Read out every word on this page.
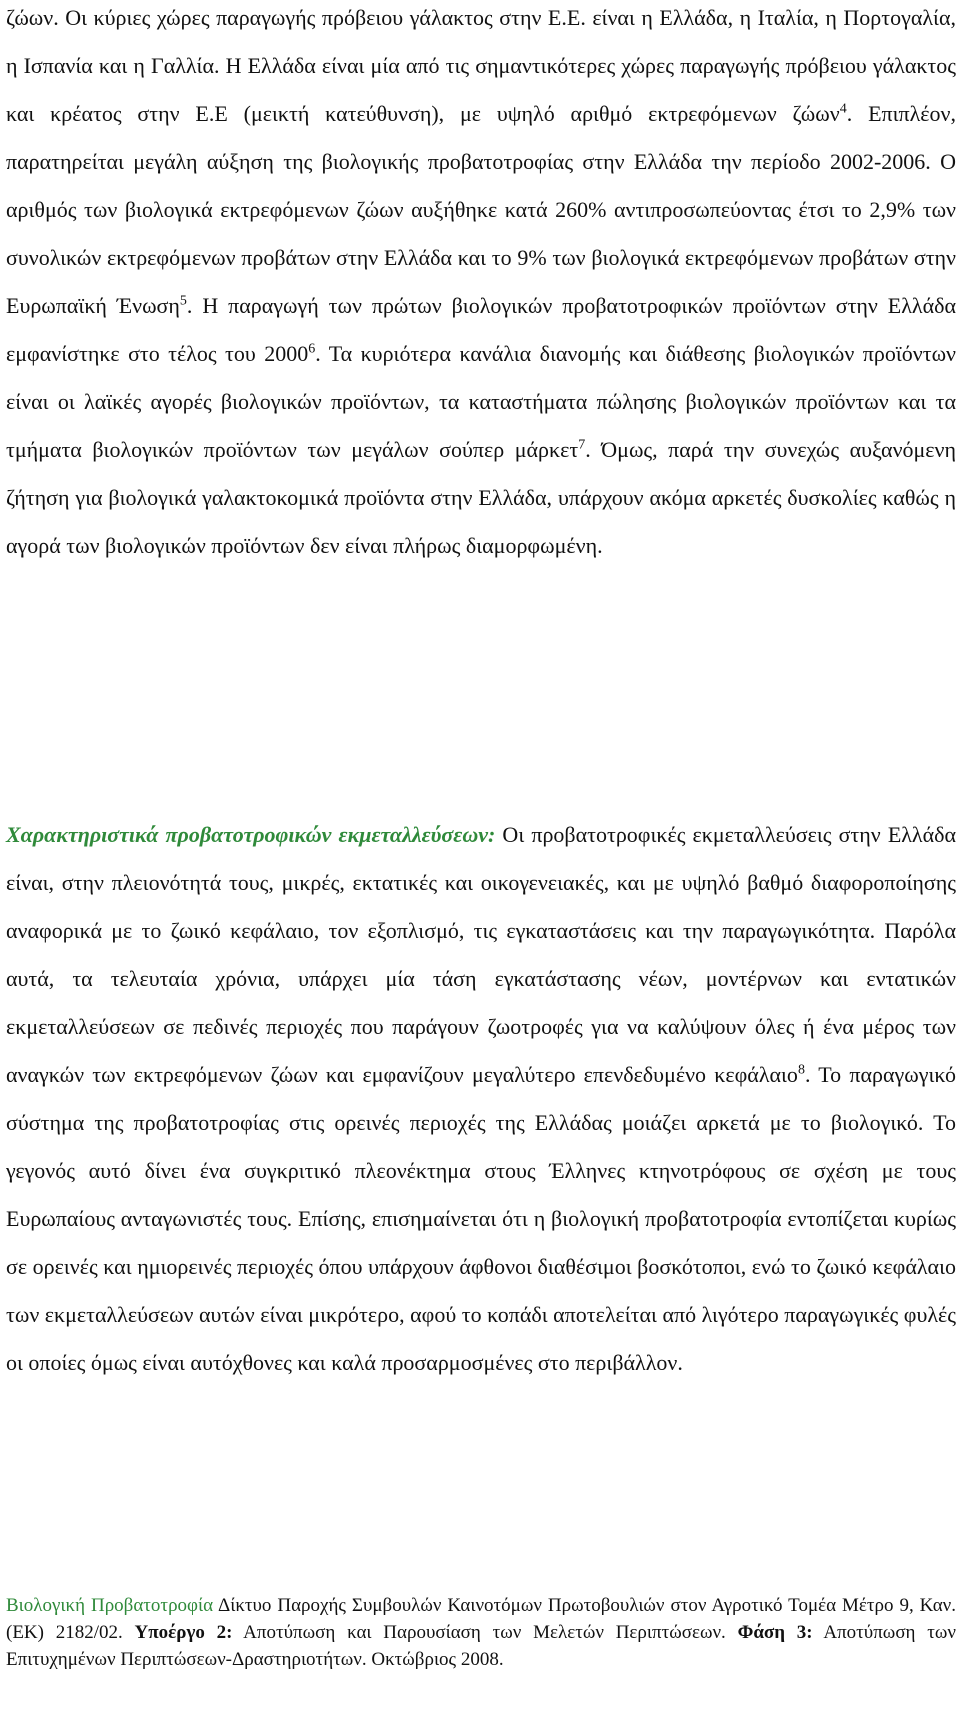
ζώων. Οι κύριες χώρες παραγωγής πρόβειου γάλακτος στην Ε.Ε. είναι η Ελλάδα, η Ιταλία, η Πορτογαλία, η Ισπανία και η Γαλλία. Η Ελλάδα είναι μία από τις σημαντικότερες χώρες παραγωγής πρόβειου γάλακτος και κρέατος στην Ε.Ε (μεικτή κατεύθυνση), με υψηλό αριθμό εκτρεφόμενων ζώων$^4$. Επιπλέον, παρατηρείται μεγάλη αύξηση της βιολογικής προβατοτροφίας στην Ελλάδα την περίοδο 2002-2006. Ο αριθμός των βιολογικά εκτρεφόμενων ζώων αυξήθηκε κατά 260% αντιπροσωπεύοντας έτσι το 2,9% των συνολικών εκτρεφόμενων προβάτων στην Ελλάδα και το 9% των βιολογικά εκτρεφόμενων προβάτων στην Ευρωπαϊκή Ένωση$^5$. Η παραγωγή των πρώτων βιολογικών προβατοτροφικών προϊόντων στην Ελλάδα εμφανίστηκε στο τέλος του 2000$^6$. Τα κυριότερα κανάλια διανομής και διάθεσης βιολογικών προϊόντων είναι οι λαϊκές αγορές βιολογικών προϊόντων, τα καταστήματα πώλησης βιολογικών προϊόντων και τα τμήματα βιολογικών προϊόντων των μεγάλων σούπερ μάρκετ$^7$. Όμως, παρά την συνεχώς αυξανόμενη ζήτηση για βιολογικά γαλακτοκομικά προϊόντα στην Ελλάδα, υπάρχουν ακόμα αρκετές δυσκολίες καθώς η αγορά των βιολογικών προϊόντων δεν είναι πλήρως διαμορφωμένη.

Χαρακτηριστικά προβατοτροφικών εκμεταλλεύσεων: Οι προβατοτροφικές εκμεταλλεύσεις στην Ελλάδα είναι, στην πλειονότητά τους, μικρές, εκτατικές και οικογενειακές, και με υψηλό βαθμό διαφοροποίησης αναφορικά με το ζωικό κεφάλαιο, τον εξοπλισμό, τις εγκαταστάσεις και την παραγωγικότητα. Παρόλα αυτά, τα τελευταία χρόνια, υπάρχει μία τάση εγκατάστασης νέων, μοντέρνων και εντατικών εκμεταλλεύσεων σε πεδινές περιοχές που παράγουν ζωοτροφές για να καλύψουν όλες ή ένα μέρος των αναγκών των εκτρεφόμενων ζώων και εμφανίζουν μεγαλύτερο επενδεδυμένο κεφάλαιο$^8$. Το παραγωγικό σύστημα της προβατοτροφίας στις ορεινές περιοχές της Ελλάδας μοιάζει αρκετά με το βιολογικό. Το γεγονός αυτό δίνει ένα συγκριτικό πλεονέκτημα στους Έλληνες κτηνοτρόφους σε σχέση με τους Ευρωπαίους ανταγωνιστές τους. Επίσης, επισημαίνεται ότι η βιολογική προβατοτροφία εντοπίζεται κυρίως σε ορεινές και ημιορεινές περιοχές όπου υπάρχουν άφθονοι διαθέσιμοι βοσκότοποι, ενώ το ζωικό κεφάλαιο των εκμεταλλεύσεων αυτών είναι μικρότερο, αφού το κοπάδι αποτελείται από λιγότερο παραγωγικές φυλές οι οποίες όμως είναι αυτόχθονες και καλά προσαρμοσμένες στο περιβάλλον.

Βιολογική Προβατοτροφία Δίκτυο Παροχής Συμβουλών Καινοτόμων Πρωτοβουλιών στον Αγροτικό Τομέα Μέτρο 9, Καν.(ΕΚ) 2182/02. Υποέργο 2: Αποτύπωση και Παρουσίαση των Μελετών Περιπτώσεων. Φάση 3: Αποτύπωση των Επιτυχημένων Περιπτώσεων-Δραστηριοτήτων. Οκτώβριος 2008.
